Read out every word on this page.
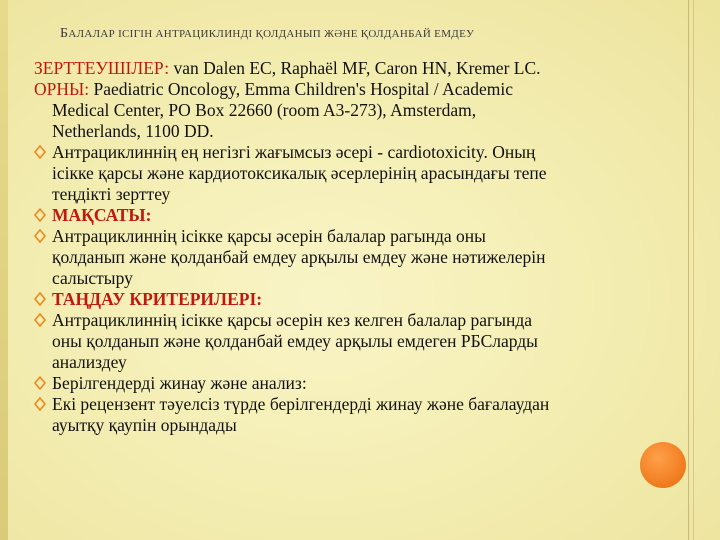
БАЛАЛАР ІСІГІН АНТРАЦИКЛИНДІ ҚОЛДАНЫП ЖӘНЕ ҚОЛДАНБАЙ ЕМДЕУ

ЗЕРТТЕУШІЛЕР: van Dalen EC, Raphaël MF, Caron HN, Kremer LC.

ОРНЫ: Paediatric Oncology, Emma Children's Hospital / Academic
Medical Center, PO Box 22660 (room A3-273), Amsterdam,
Netherlands, 1100 DD.

Антрациклиннің ең негізгі жағымсыз әсері - cardiotoxicity. Оның
ісікке қарсы және кардиотоксикалық әсерлерінің арасындағы тепе
теңдікті зерттеу
МАҚСАТЫ:
Антрациклиннің ісікке қарсы әсерін балалар рагында оны
қолданып және қолданбай емдеу арқылы емдеу және нәтижелерін
салыстыру
ТАҢДАУ КРИТЕРИЛЕРІ:
Антрациклиннің ісікке қарсы әсерін кез келген балалар рагында
оны қолданып және қолданбай емдеу арқылы емдеген РБСларды
анализдеу
Берілгендерді жинау және анализ:
Екі рецензент тәуелсіз түрде берілгендерді жинау және бағалаудан
ауытқу қаупін орындады
